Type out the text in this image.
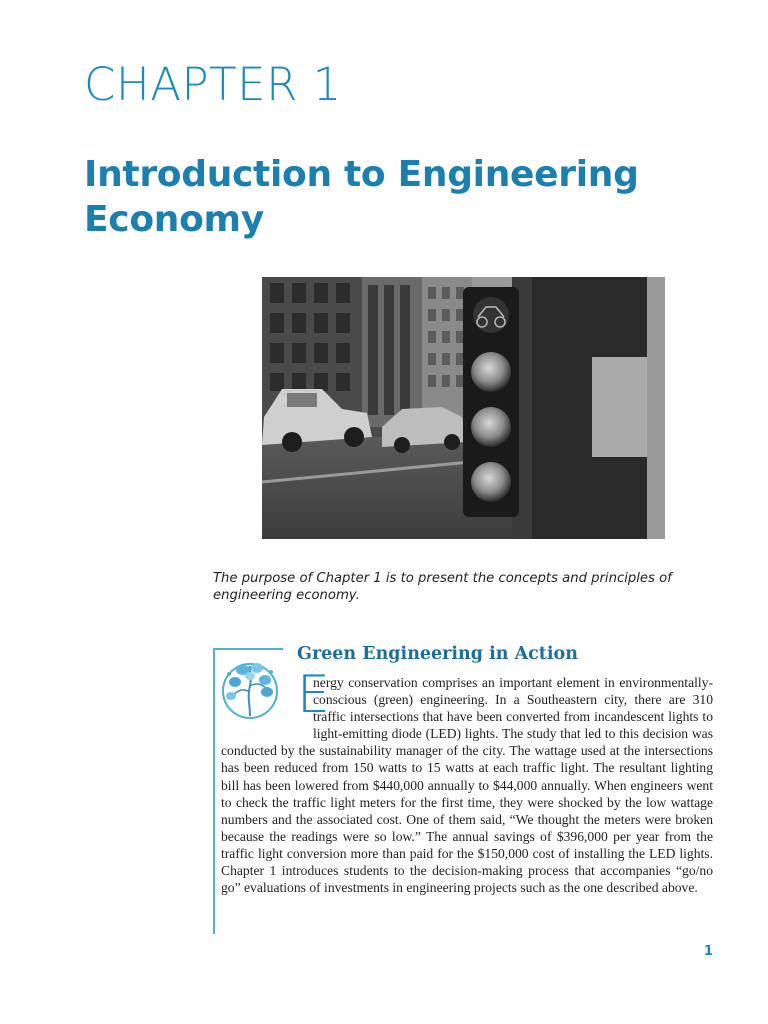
CHAPTER 1
Introduction to Engineering Economy
The purpose of Chapter 1 is to present the concepts and principles of engineering economy.
Green Engineering in Action
E
nergy conservation comprises an important element in environmentally-conscious (green) engineering. In a Southeastern city, there are 310 traffic intersections that have been converted from incandescent lights to light-emitting diode (LED) lights. The study that led to this decision was conducted by the sustainability manager of the city. The wattage used at the intersections has been reduced from 150 watts to 15 watts at each traffic light. The resultant lighting bill has been lowered from $440,000 annually to $44,000 annually. When engineers went to check the traffic light meters for the first time, they were shocked by the low wattage numbers and the associated cost. One of them said, “We thought the meters were broken because the readings were so low.” The annual savings of $396,000 per year from the traffic light conversion more than paid for the $150,000 cost of installing the LED lights. Chapter 1 introduces students to the decision-making process that accompanies “go/no go” evaluations of investments in engineering projects such as the one described above.
1
